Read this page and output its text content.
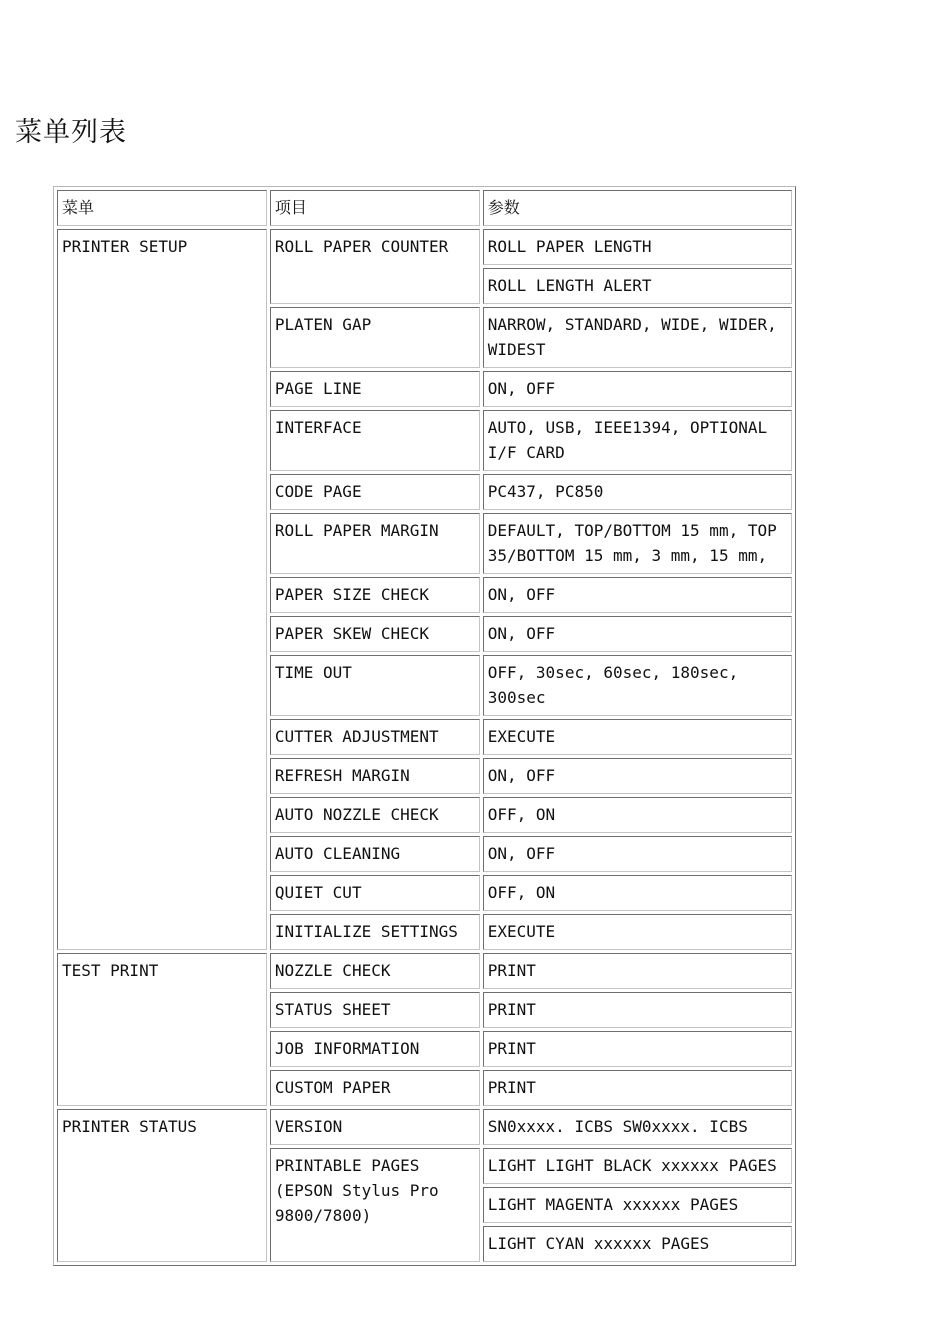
菜单列表
菜单	项目	参数
PRINTER SETUP	ROLL PAPER COUNTER	ROLL PAPER LENGTH
		ROLL LENGTH ALERT
	PLATEN GAP	NARROW, STANDARD, WIDE, WIDER, WIDEST
	PAGE LINE	ON, OFF
	INTERFACE	AUTO, USB, IEEE1394, OPTIONAL I/F CARD
	CODE PAGE	PC437, PC850
	ROLL PAPER MARGIN	DEFAULT, TOP/BOTTOM 15 mm, TOP 35/BOTTOM 15 mm, 3 mm, 15 mm,
	PAPER SIZE CHECK	ON, OFF
	PAPER SKEW CHECK	ON, OFF
	TIME OUT	OFF, 30sec, 60sec, 180sec, 300sec
	CUTTER ADJUSTMENT	EXECUTE
	REFRESH MARGIN	ON, OFF
	AUTO NOZZLE CHECK	OFF, ON
	AUTO CLEANING	ON, OFF
	QUIET CUT	OFF, ON
	INITIALIZE SETTINGS	EXECUTE
TEST PRINT	NOZZLE CHECK	PRINT
	STATUS SHEET	PRINT
	JOB INFORMATION	PRINT
	CUSTOM PAPER	PRINT
PRINTER STATUS	VERSION	SN0xxxx. ICBS SW0xxxx. ICBS
	PRINTABLE PAGES (EPSON Stylus Pro 9800/7800)	LIGHT LIGHT BLACK xxxxxx PAGES
		LIGHT MAGENTA xxxxxx PAGES
		LIGHT CYAN xxxxxx PAGES
